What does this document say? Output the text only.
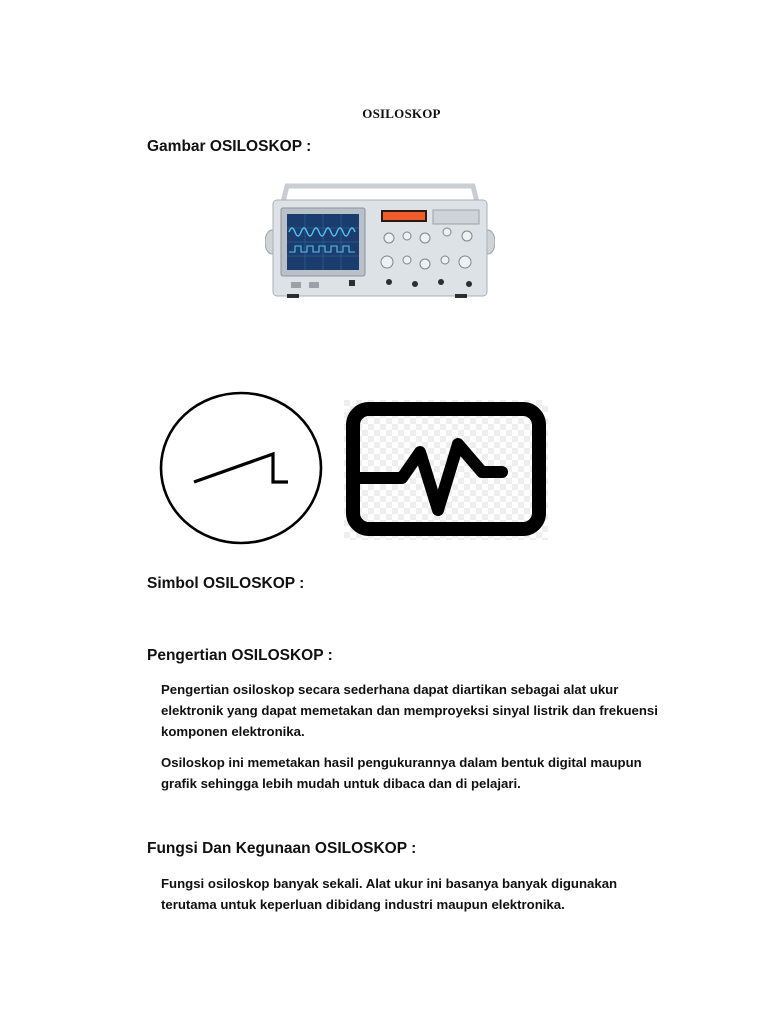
OSILOSKOP
Gambar OSILOSKOP :
Simbol OSILOSKOP :
Pengertian OSILOSKOP :
Pengertian osiloskop secara sederhana dapat diartikan sebagai alat ukur elektronik yang dapat memetakan dan memproyeksi sinyal listrik dan frekuensi komponen elektronika.
Osiloskop ini memetakan hasil pengukurannya dalam bentuk digital maupun grafik sehingga lebih mudah untuk dibaca dan di pelajari.
Fungsi Dan Kegunaan OSILOSKOP :
Fungsi osiloskop banyak sekali. Alat ukur ini basanya banyak digunakan terutama untuk keperluan dibidang industri maupun elektronika.
